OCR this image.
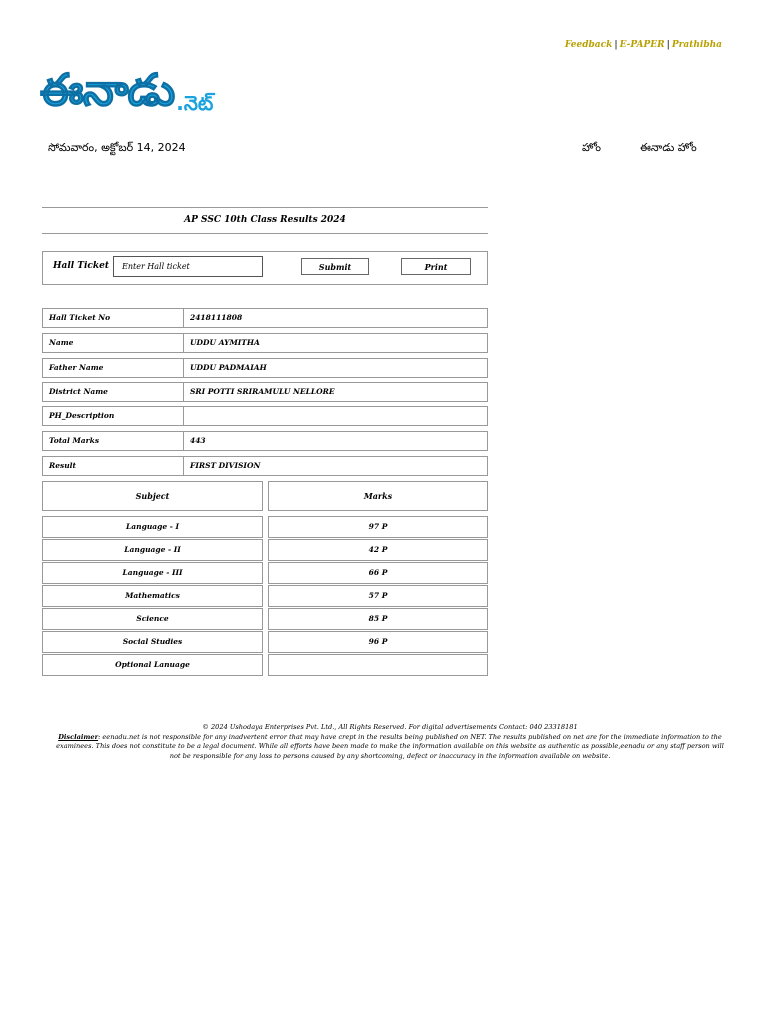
Feedback | E-PAPER | Prathibha
ఈనాడు .నెట్
సోమవారం, అక్టోబర్ 14, 2024	హోం	ఈనాడు హోం
AP SSC 10th Class Results 2024
Hall Ticket
Enter Hall ticket	Submit	Print
Hall Ticket No	2418111808
Name	UDDU AYMITHA
Father Name	UDDU PADMAIAH
District Name	SRI POTTI SRIRAMULU NELLORE
PH_Description
Total Marks	443
Result	FIRST DIVISION
Subject	Marks
Language - I	97 P
Language - II	42 P
Language - III	66 P
Mathematics	57 P
Science	85 P
Social Studies	96 P
Optional Lanuage
© 2024 Ushodaya Enterprises Pvt. Ltd., All Rights Reserved. For digital advertisements Contact: 040 23318181
Disclaimer: eenadu.net is not responsible for any inadvertent error that may have crept in the results being published on NET. The results published on net are for the immediate information to the examinees. This does not constitute to be a legal document. While all efforts have been made to make the information available on this website as authentic as possible,eenadu or any staff person will not be responsible for any loss to persons caused by any shortcoming, defect or inaccuracy in the information available on website.
